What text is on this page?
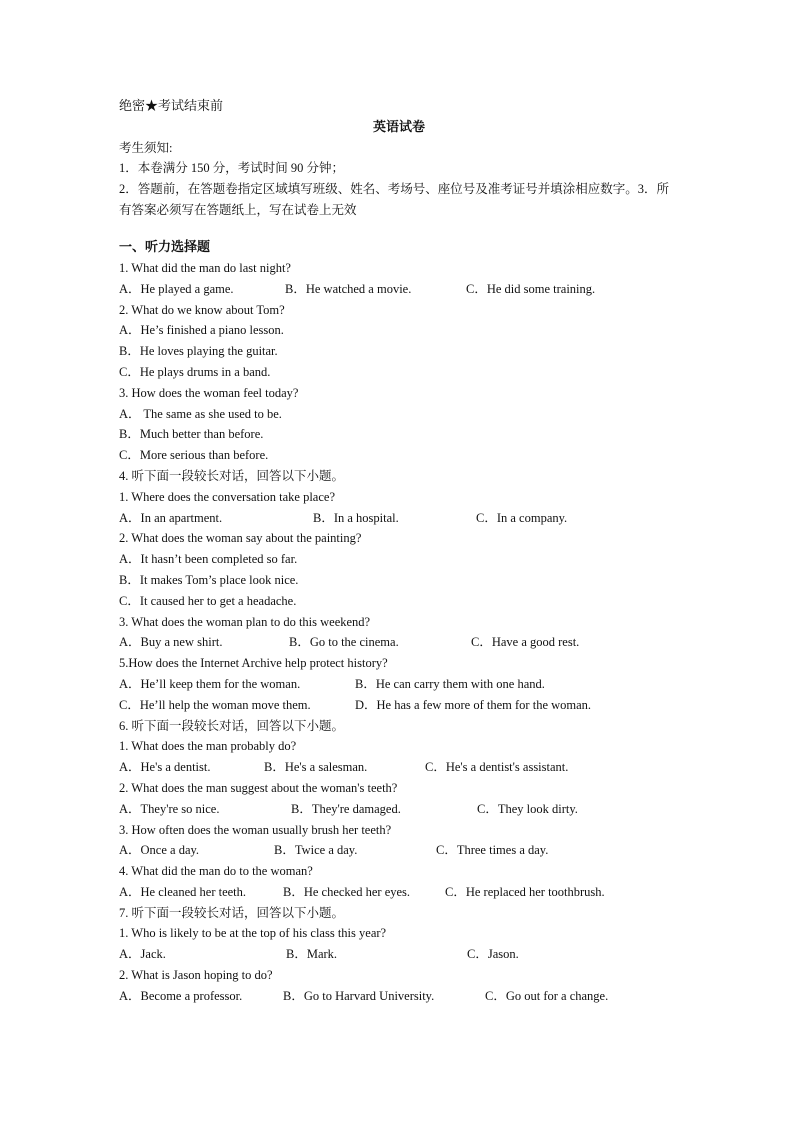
绝密★考试结束前
英语试卷
考生须知:
1．本卷满分 150 分，考试时间 90 分钟；
2．答题前，在答题卷指定区域填写班级、姓名、考场号、座位号及准考证号并填涂相应数字。3．所有答案必须写在答题纸上，写在试卷上无效
一、听力选择题
1. What did the man do last night?
A．He played a game.	B．He watched a movie.	C．He did some training.
2. What do we know about Tom?
A．He’s finished a piano lesson.
B．He loves playing the guitar.
C．He plays drums in a band.
3. How does the woman feel today?
A． The same as she used to be.
B．Much better than before.
C．More serious than before.
4. 听下面一段较长对话，回答以下小题。
1. Where does the conversation take place?
A．In an apartment.	B．In a hospital.	C．In a company.
2. What does the woman say about the painting?
A．It hasn’t been completed so far.
B．It makes Tom’s place look nice.
C．It caused her to get a headache.
3. What does the woman plan to do this weekend?
A．Buy a new shirt.	B．Go to the cinema.	C．Have a good rest.
5.How does the Internet Archive help protect history?
A．He’ll keep them for the woman.	B．He can carry them with one hand.
C．He’ll help the woman move them.	D．He has a few more of them for the woman.
6. 听下面一段较长对话，回答以下小题。
1. What does the man probably do?
A．He's a dentist.	B．He's a salesman.	C．He's a dentist's assistant.
2. What does the man suggest about the woman's teeth?
A．They're so nice.	B．They're damaged.	C．They look dirty.
3. How often does the woman usually brush her teeth?
A．Once a day.	B．Twice a day.	C．Three times a day.
4. What did the man do to the woman?
A．He cleaned her teeth.	B．He checked her eyes.	C．He replaced her toothbrush.
7. 听下面一段较长对话，回答以下小题。
1. Who is likely to be at the top of his class this year?
A．Jack.	B．Mark.	C．Jason.
2. What is Jason hoping to do?
A．Become a professor.	B．Go to Harvard University.	C．Go out for a change.
